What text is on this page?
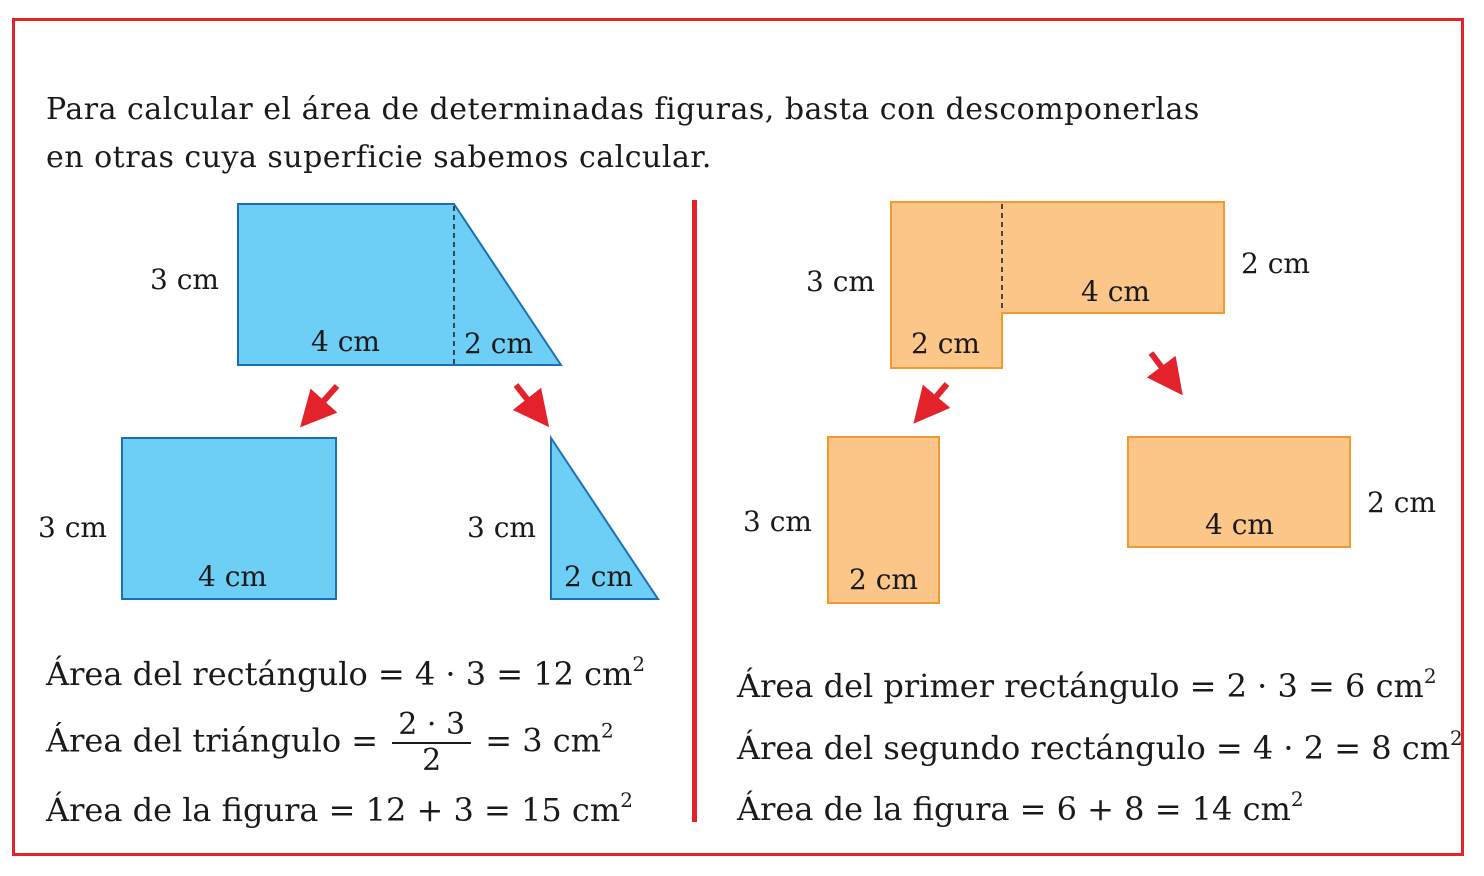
Para calcular el área de determinadas figuras, basta con descomponerlas
en otras cuya superficie sabemos calcular.
3 cm
4 cm	2 cm
3 cm
4 cm
3 cm
2 cm
3 cm
2 cm
4 cm
2 cm
3 cm
2 cm
4 cm
2 cm
Área del rectángulo = 4 · 3 = 12 $cm^2$
Área del triángulo = $\frac{2 \cdot 3}{2} = 3$ $cm^2$
Área de la figura = 12 + 3 = 15 $cm^2$
Área del primer rectángulo = 2 · 3 = 6 $cm^2$
Área del segundo rectángulo = 4 · 2 = 8 $cm^2$
Área de la figura = 6 + 8 = 14 $cm^2$
